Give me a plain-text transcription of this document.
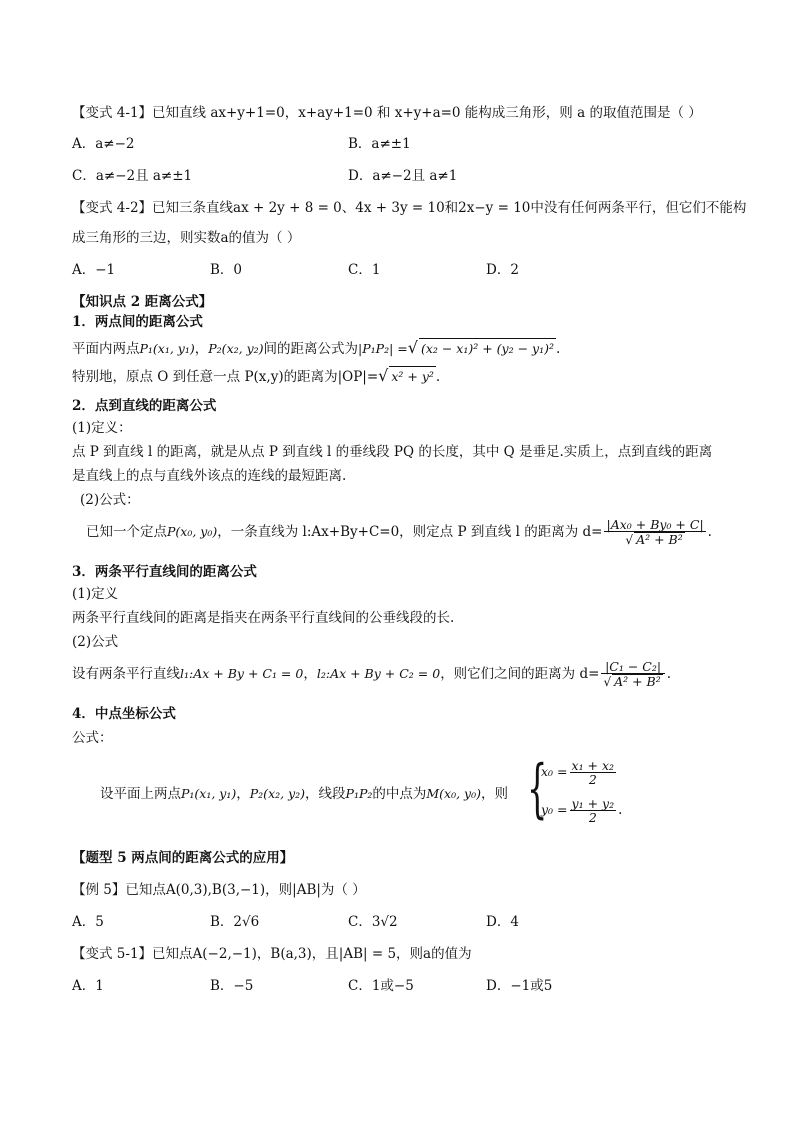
【变式 4-1】已知直线 ax+y+1=0，x+ay+1=0 和 x+y+a=0 能构成三角形，则 a 的取值范围是（ ）
A．a≠−2	B．a≠±1
C．a≠−2且 a≠±1	D．a≠−2且 a≠1
【变式 4-2】已知三条直线ax + 2y + 8 = 0、4x + 3y = 10和2x−y = 10中没有任何两条平行，但它们不能构
成三角形的三边，则实数a的值为（ ）
A．−1	B．0	C．1	D．2
【知识点 2 距离公式】
1．两点间的距离公式
平面内两点P₁(x₁, y₁)，P₂(x₂, y₂)间的距离公式为|P₁P₂| =√ (x₂ − x₁)² + (y₂ − y₁)² .
特别地，原点 O 到任意一点 P(x,y)的距离为|OP|=√ x² + y² .
2．点到直线的距离公式
(1)定义：
点 P 到直线 l 的距离，就是从点 P 到直线 l 的垂线段 PQ 的长度，其中 Q 是垂足.实质上，点到直线的距离
是直线上的点与直线外该点的连线的最短距离.
(2)公式：
已知一个定点P(x₀, y₀)，一条直线为 l:Ax+By+C=0，则定点 P 到直线 l 的距离为 $d= \frac{\text{|Ax₀ + By₀ + C|}}{\text{√ A² + B²}}$ .
3．两条平行直线间的距离公式
(1)定义
两条平行直线间的距离是指夹在两条平行直线间的公垂线段的长.
(2)公式
设有两条平行直线l₁:Ax + By + C₁ = 0，l₂:Ax + By + C₂ = 0，则它们之间的距离为 $d= \frac{\text{|C₁ − C₂|}}{\text{√ A² + B²}}$ .
4．中点坐标公式
公式：
设平面上两点P₁(x₁, y₁)，P₂(x₂, y₂)，线段P₁P₂的中点为M(x₀, y₀)，则 {
$x_0 = \frac{\text{x₁ + x₂}}{2}$
$y_0 = \frac{\text{y₁ + y₂}}{2}$ .
【题型 5 两点间的距离公式的应用】
【例 5】已知点A(0,3),B(3,−1)，则|AB|为（ ）
A．5	B．2√6	C．3√2	D．4
【变式 5-1】已知点A(−2,−1)，B(a,3)，且|AB| = 5，则a的值为
A．1	B．−5	C．1或−5	D．−1或5
